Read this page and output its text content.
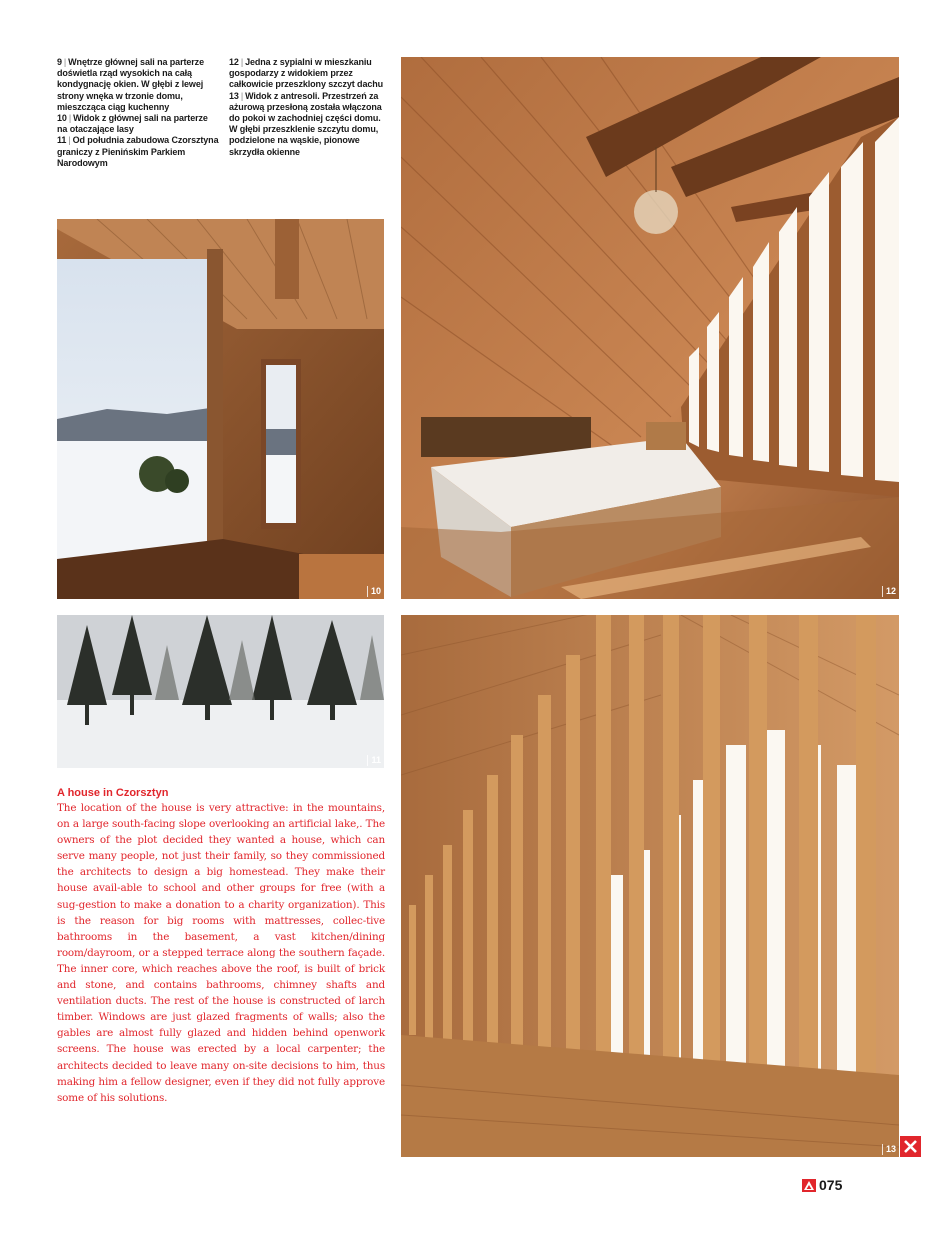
9 | Wnętrze głównej sali na parterze doświetla rząd wysokich na całą kondygnację okien. W głębi z lewej strony wnęka w trzonie domu, mieszcząca ciąg kuchenny

10 | Widok z głównej sali na parterze na otaczające lasy

11 | Od południa zabudowa Czorsztyna graniczy z Pienińskim Parkiem Narodowym

12 | Jedna z sypialni w mieszkaniu gospodarzy z widokiem przez całkowicie przeszklony szczyt dachu

13 | Widok z antresoli. Przestrzeń za ażurową przesłoną została włączona do pokoi w zachodniej części domu. W głębi przeszklenie szczytu domu, podzielone na wąskie, pionowe skrzydła okienne

10
11
12
13
A house in Czorsztyn

The location of the house is very attractive: in the mountains, on a large south-facing slope overlooking an artificial lake,. The owners of the plot decided they wanted a house, which can serve many people, not just their family, so they commissioned the architects to design a big homestead. They make their house avail-able to school and other groups for free (with a sug-gestion to make a donation to a charity organization). This is the reason for big rooms with mattresses, collec-tive bathrooms in the basement, a vast kitchen/dining room/dayroom, or a stepped terrace along the southern façade. The inner core, which reaches above the roof, is built of brick and stone, and contains bathrooms, chimney shafts and ventilation ducts. The rest of the house is constructed of larch timber. Windows are just glazed fragments of walls; also the gables are almost fully glazed and hidden behind openwork screens. The house was erected by a local carpenter; the architects decided to leave many on-site decisions to him, thus making him a fellow designer, even if they did not fully approve some of his solutions.

075
